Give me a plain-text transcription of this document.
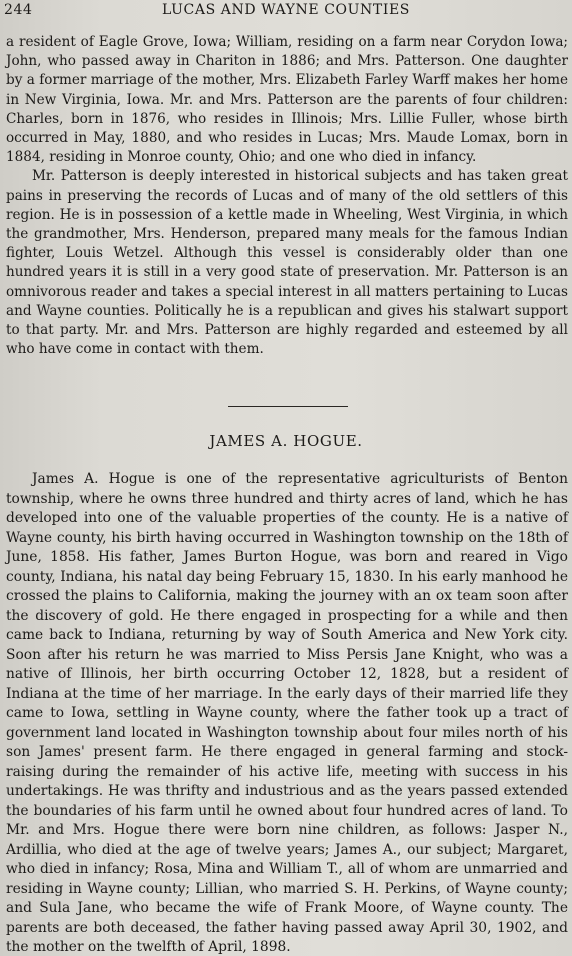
244	LUCAS AND WAYNE COUNTIES

a resident of Eagle Grove, Iowa; William, residing on a farm near Corydon Iowa; John, who passed away in Chariton in 1886; and Mrs. Patterson. One daughter by a former marriage of the mother, Mrs. Elizabeth Farley Warff makes her home in New Virginia, Iowa. Mr. and Mrs. Patterson are the parents of four children: Charles, born in 1876, who resides in Illinois; Mrs. Lillie Fuller, whose birth occurred in May, 1880, and who resides in Lucas; Mrs. Maude Lomax, born in 1884, residing in Monroe county, Ohio; and one who died in infancy.

Mr. Patterson is deeply interested in historical subjects and has taken great pains in preserving the records of Lucas and of many of the old settlers of this region. He is in possession of a kettle made in Wheeling, West Virginia, in which the grandmother, Mrs. Henderson, prepared many meals for the famous Indian fighter, Louis Wetzel. Although this vessel is considerably older than one hundred years it is still in a very good state of preservation. Mr. Patterson is an omnivorous reader and takes a special interest in all matters pertaining to Lucas and Wayne counties. Politically he is a republican and gives his stalwart support to that party. Mr. and Mrs. Patterson are highly regarded and esteemed by all who have come in contact with them.

JAMES A. HOGUE.

James A. Hogue is one of the representative agriculturists of Benton township, where he owns three hundred and thirty acres of land, which he has developed into one of the valuable properties of the county. He is a native of Wayne county, his birth having occurred in Washington township on the 18th of June, 1858. His father, James Burton Hogue, was born and reared in Vigo county, Indiana, his natal day being February 15, 1830. In his early manhood he crossed the plains to California, making the journey with an ox team soon after the discovery of gold. He there engaged in prospecting for a while and then came back to Indiana, returning by way of South America and New York city. Soon after his return he was married to Miss Persis Jane Knight, who was a native of Illinois, her birth occurring October 12, 1828, but a resident of Indiana at the time of her marriage. In the early days of their married life they came to Iowa, settling in Wayne county, where the father took up a tract of government land located in Washington township about four miles north of his son James' present farm. He there engaged in general farming and stock-raising during the remainder of his active life, meeting with success in his undertakings. He was thrifty and industrious and as the years passed extended the boundaries of his farm until he owned about four hundred acres of land. To Mr. and Mrs. Hogue there were born nine children, as follows: Jasper N., Ardillia, who died at the age of twelve years; James A., our subject; Margaret, who died in infancy; Rosa, Mina and William T., all of whom are unmarried and residing in Wayne county; Lillian, who married S. H. Perkins, of Wayne county; and Sula Jane, who became the wife of Frank Moore, of Wayne county. The parents are both deceased, the father having passed away April 30, 1902, and the mother on the twelfth of April, 1898.
